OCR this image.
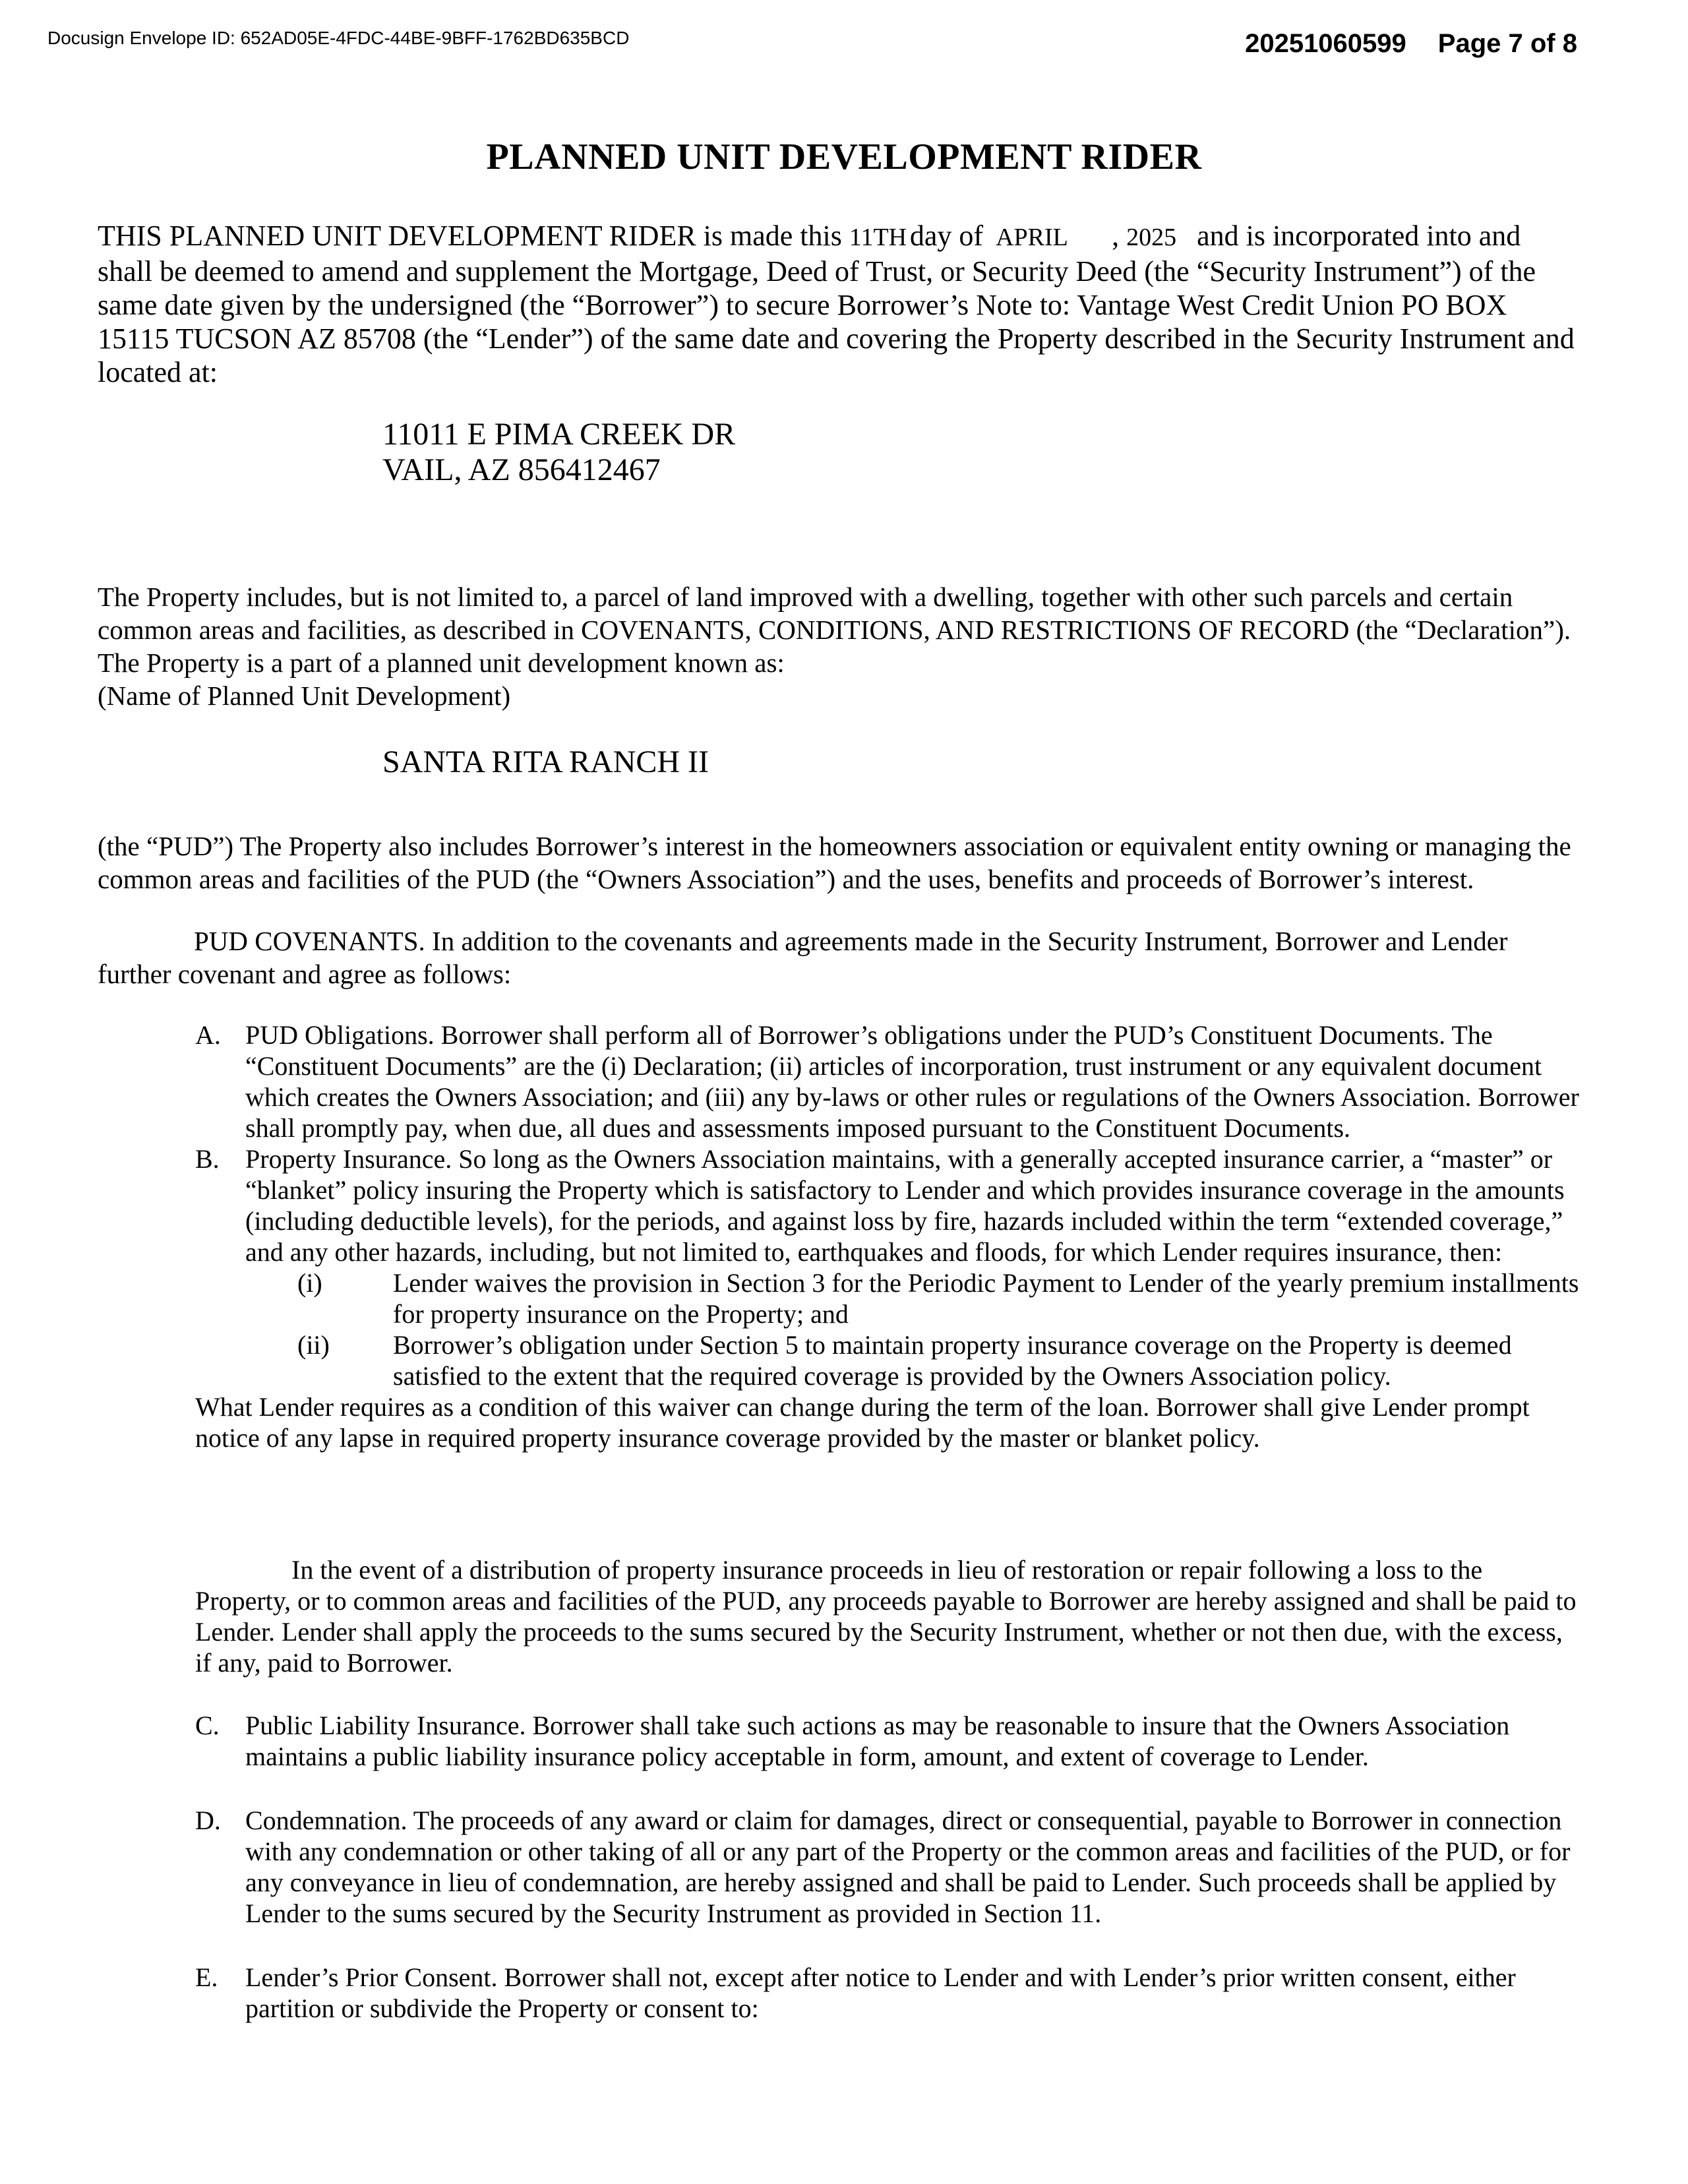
Docusign Envelope ID: 652AD05E-4FDC-44BE-9BFF-1762BD635BCD	20251060599 Page 7 of 8
PLANNED UNIT DEVELOPMENT RIDER

THIS PLANNED UNIT DEVELOPMENT RIDER is made this 11TH day of APRIL , 2025 and is incorporated into and shall be deemed to amend and supplement the Mortgage, Deed of Trust, or Security Deed (the “Security Instrument”) of the same date given by the undersigned (the “Borrower”) to secure Borrower’s Note to: Vantage West Credit Union PO BOX 15115 TUCSON AZ 85708 (the “Lender”) of the same date and covering the Property described in the Security Instrument and located at:

11011 E PIMA CREEK DR
VAIL, AZ 856412467

The Property includes, but is not limited to, a parcel of land improved with a dwelling, together with other such parcels and certain common areas and facilities, as described in COVENANTS, CONDITIONS, AND RESTRICTIONS OF RECORD (the “Declaration”). The Property is a part of a planned unit development known as:

(Name of Planned Unit Development)

SANTA RITA RANCH II

(the “PUD”) The Property also includes Borrower’s interest in the homeowners association or equivalent entity owning or managing the common areas and facilities of the PUD (the “Owners Association”) and the uses, benefits and proceeds of Borrower’s interest.

PUD COVENANTS. In addition to the covenants and agreements made in the Security Instrument, Borrower and Lender further covenant and agree as follows:

A. PUD Obligations. Borrower shall perform all of Borrower’s obligations under the PUD’s Constituent Documents. The “Constituent Documents” are the (i) Declaration; (ii) articles of incorporation, trust instrument or any equivalent document which creates the Owners Association; and (iii) any by-laws or other rules or regulations of the Owners Association. Borrower shall promptly pay, when due, all dues and assessments imposed pursuant to the Constituent Documents.
B. Property Insurance. So long as the Owners Association maintains, with a generally accepted insurance carrier, a “master” or “blanket” policy insuring the Property which is satisfactory to Lender and which provides insurance coverage in the amounts (including deductible levels), for the periods, and against loss by fire, hazards included within the term “extended coverage,” and any other hazards, including, but not limited to, earthquakes and floods, for which Lender requires insurance, then:
(i)	Lender waives the provision in Section 3 for the Periodic Payment to Lender of the yearly premium installments for property insurance on the Property; and
(ii) Borrower’s obligation under Section 5 to maintain property insurance coverage on the Property is deemed satisfied to the extent that the required coverage is provided by the Owners Association policy.

What Lender requires as a condition of this waiver can change during the term of the loan. Borrower shall give Lender prompt notice of any lapse in required property insurance coverage provided by the master or blanket policy.

In the event of a distribution of property insurance proceeds in lieu of restoration or repair following a loss to the Property, or to common areas and facilities of the PUD, any proceeds payable to Borrower are hereby assigned and shall be paid to Lender. Lender shall apply the proceeds to the sums secured by the Security Instrument, whether or not then due, with the excess, if any, paid to Borrower.

C. Public Liability Insurance. Borrower shall take such actions as may be reasonable to insure that the Owners Association maintains a public liability insurance policy acceptable in form, amount, and extent of coverage to Lender.
D. Condemnation. The proceeds of any award or claim for damages, direct or consequential, payable to Borrower in connection with any condemnation or other taking of all or any part of the Property or the common areas and facilities of the PUD, or for any conveyance in lieu of condemnation, are hereby assigned and shall be paid to Lender. Such proceeds shall be applied by Lender to the sums secured by the Security Instrument as provided in Section 11.
E. Lender’s Prior Consent. Borrower shall not, except after notice to Lender and with Lender’s prior written consent, either partition or subdivide the Property or consent to:
